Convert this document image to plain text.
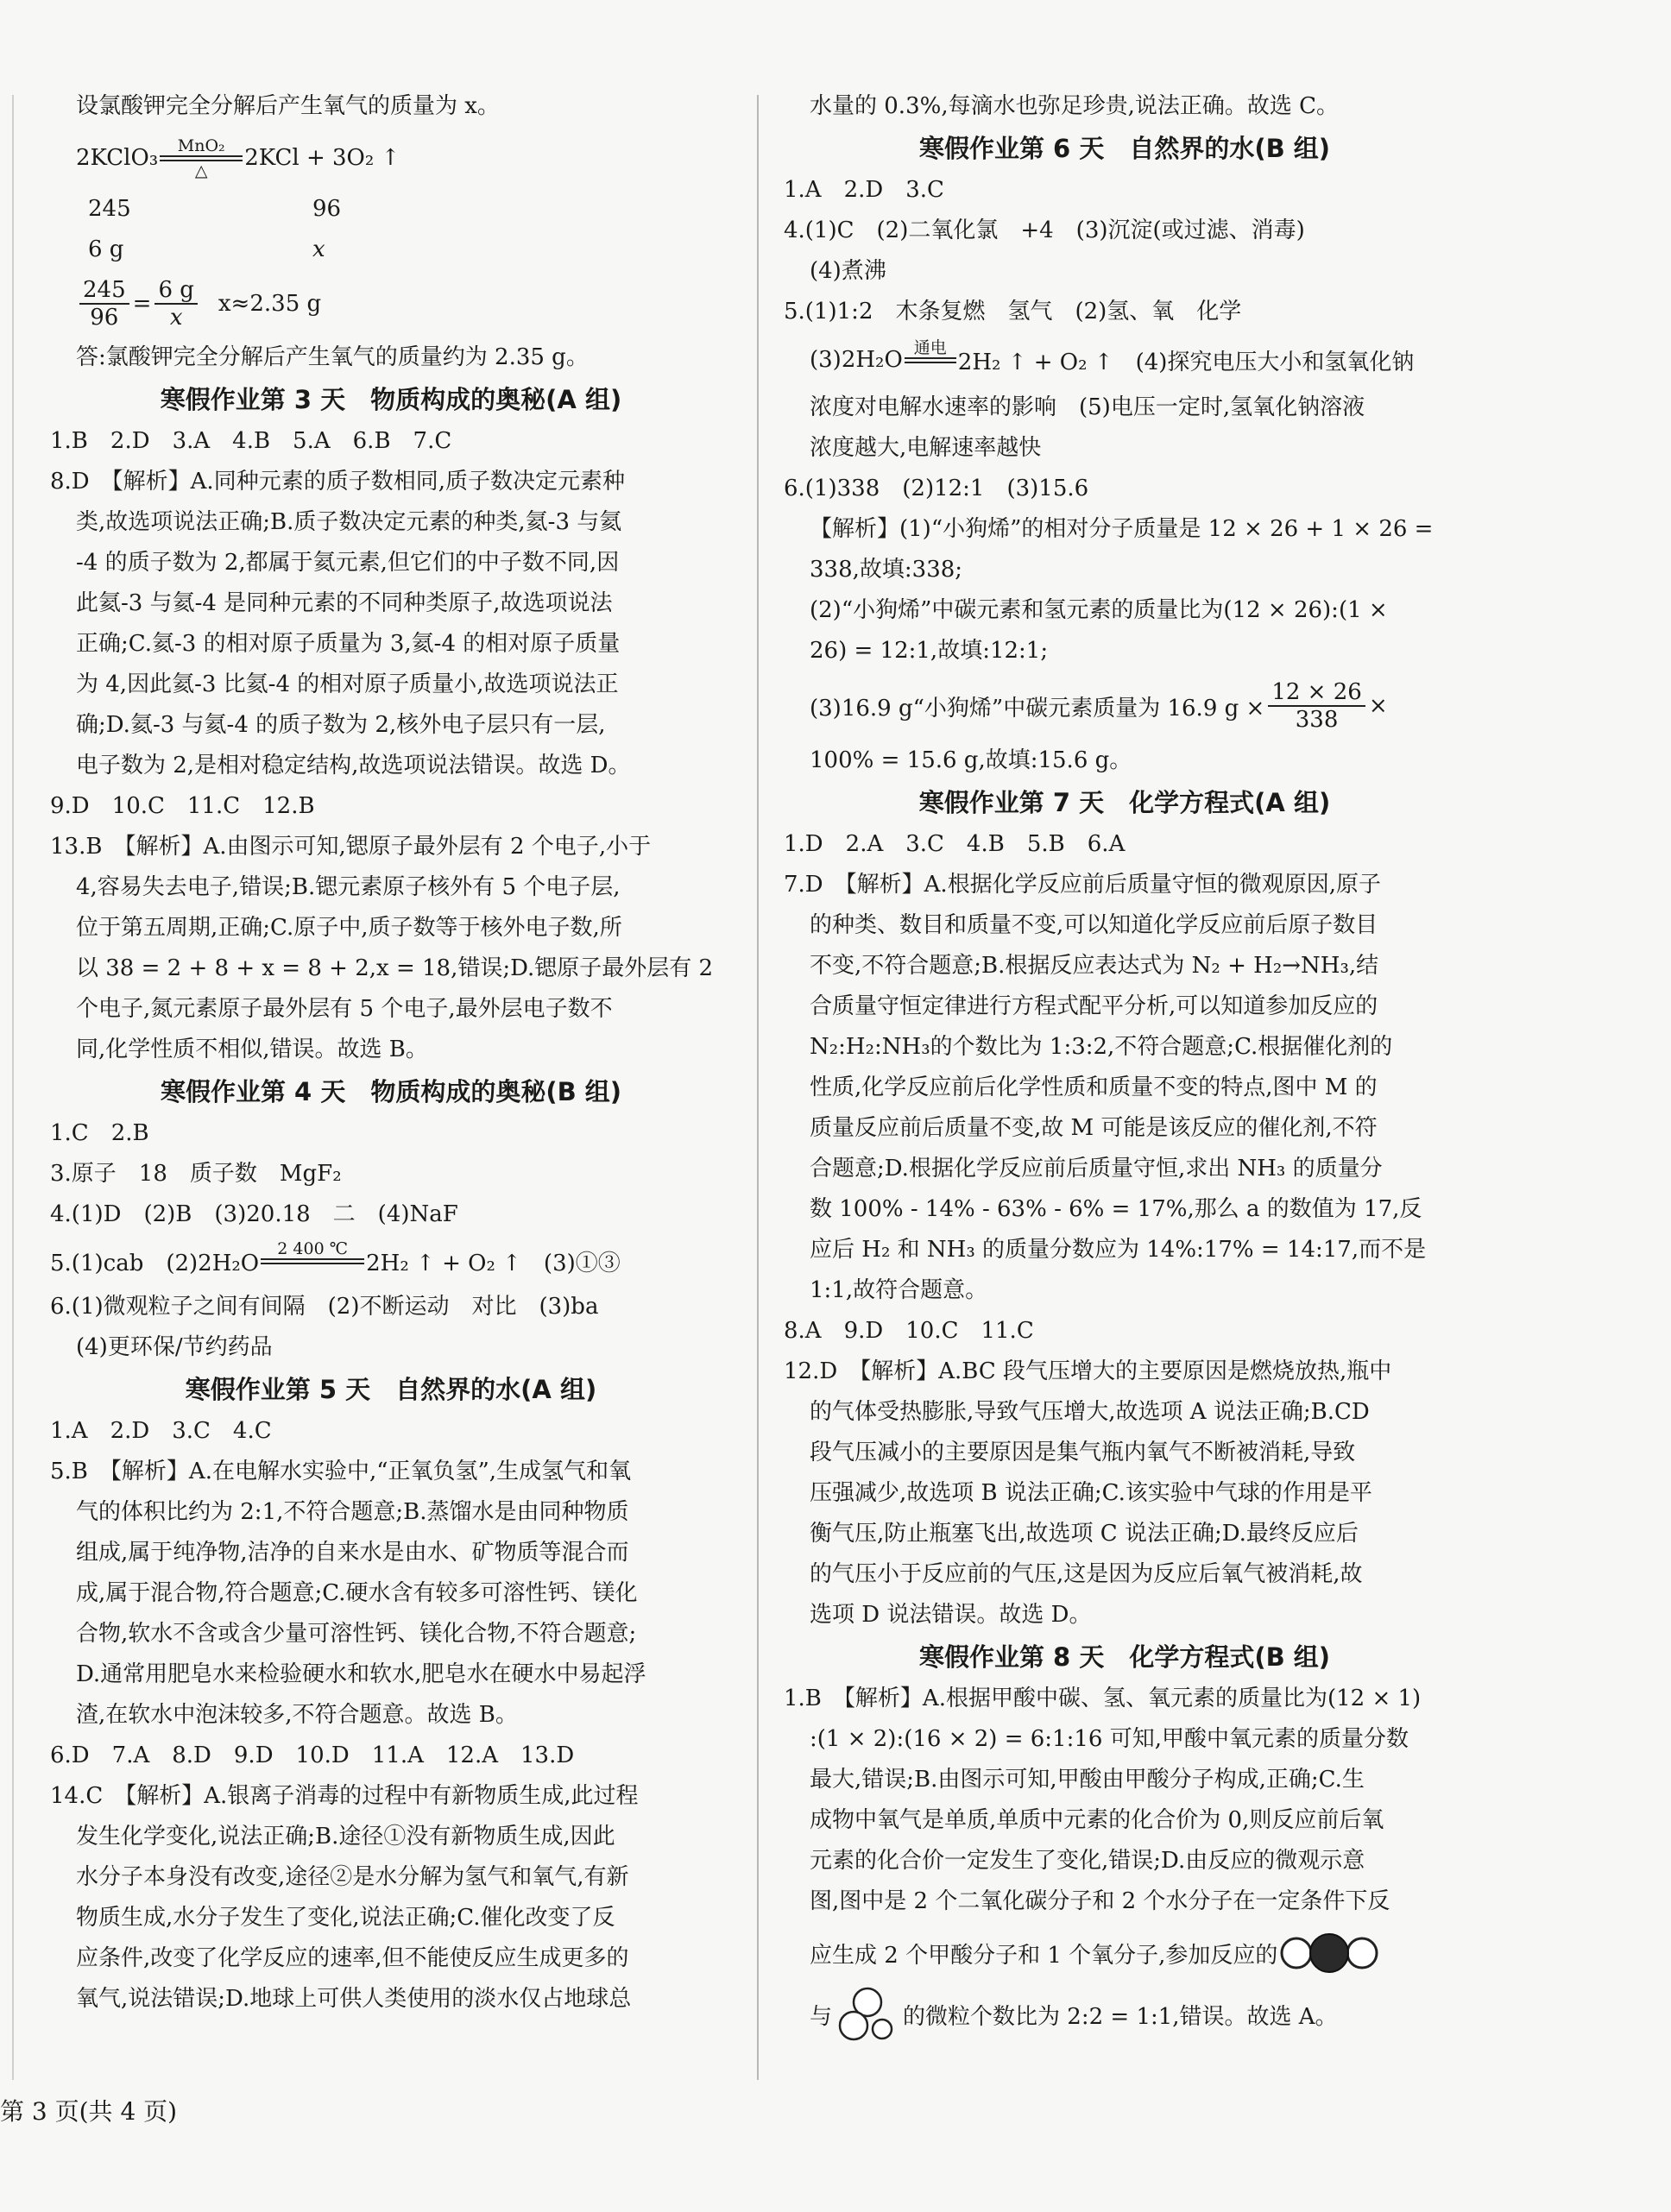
设氯酸钾完全分解后产生氧气的质量为 x。

2KClO₃ MnO₂
△ 2KCl + 3O₂ ↑
245	96
6 g	x
$\frac{245}{96} = \frac{6 g}{x} x\approx 2.35$ g

答:氯酸钾完全分解后产生氧气的质量约为 2.35 g。

寒假作业第 3 天　物质构成的奥秘(A 组)

1.B　2.D　3.A　4.B　5.A　6.B　7.C

8.D　【解析】A.同种元素的质子数相同,质子数决定元素种

类,故选项说法正确;B.质子数决定元素的种类,氦-3 与氦

-4 的质子数为 2,都属于氦元素,但它们的中子数不同,因

此氦-3 与氦-4 是同种元素的不同种类原子,故选项说法

正确;C.氦-3 的相对原子质量为 3,氦-4 的相对原子质量

为 4,因此氦-3 比氦-4 的相对原子质量小,故选项说法正

确;D.氦-3 与氦-4 的质子数为 2,核外电子层只有一层,

电子数为 2,是相对稳定结构,故选项说法错误。故选 D。

9.D　10.C　11.C　12.B

13.B　【解析】A.由图示可知,锶原子最外层有 2 个电子,小于

4,容易失去电子,错误;B.锶元素原子核外有 5 个电子层,

位于第五周期,正确;C.原子中,质子数等于核外电子数,所

以 38 = 2 + 8 + x = 8 + 2,x = 18,错误;D.锶原子最外层有 2

个电子,氮元素原子最外层有 5 个电子,最外层电子数不

同,化学性质不相似,错误。故选 B。

寒假作业第 4 天　物质构成的奥秘(B 组)

1.C　2.B

3.原子　18　质子数　MgF₂

4.(1)D　(2)B　(3)20.18　二　(4)NaF

5.(1)cab　(2)2H₂O
2 400 ℃

2H₂ ↑ + O₂ ↑　(3)①③

6.(1)微观粒子之间有间隔　(2)不断运动　对比　(3)ba

(4)更环保/节约药品

寒假作业第 5 天　自然界的水(A 组)

1.A　2.D　3.C　4.C

5.B　【解析】A.在电解水实验中,“正氧负氢”,生成氢气和氧

气的体积比约为 2:1,不符合题意;B.蒸馏水是由同种物质

组成,属于纯净物,洁净的自来水是由水、矿物质等混合而

成,属于混合物,符合题意;C.硬水含有较多可溶性钙、镁化

合物,软水不含或含少量可溶性钙、镁化合物,不符合题意;

D.通常用肥皂水来检验硬水和软水,肥皂水在硬水中易起浮

渣,在软水中泡沫较多,不符合题意。故选 B。

6.D　7.A　8.D　9.D　10.D　11.A　12.A　13.D

14.C　【解析】A.银离子消毒的过程中有新物质生成,此过程

发生化学变化,说法正确;B.途径①没有新物质生成,因此

水分子本身没有改变,途径②是水分解为氢气和氧气,有新

物质生成,水分子发生了变化,说法正确;C.催化改变了反

应条件,改变了化学反应的速率,但不能使反应生成更多的

氧气,说法错误;D.地球上可供人类使用的淡水仅占地球总

水量的 0.3%,每滴水也弥足珍贵,说法正确。故选 C。

寒假作业第 6 天　自然界的水(B 组)

1.A　2.D　3.C

4.(1)C　(2)二氧化氯　+4　(3)沉淀(或过滤、消毒)

(4)煮沸

5.(1)1:2　木条复燃　氢气　(2)氢、氧　化学

(3)2H₂O 通电

2H₂ ↑ + O₂ ↑　(4)探究电压大小和氢氧化钠

浓度对电解水速率的影响　(5)电压一定时,氢氧化钠溶液

浓度越大,电解速率越快

6.(1)338　(2)12:1　(3)15.6

【解析】(1)“小狗烯”的相对分子质量是 12 × 26 + 1 × 26 =

338,故填:338;

(2)“小狗烯”中碳元素和氢元素的质量比为(12 × 26):(1 ×

26) = 12:1,故填:12:1;

(3)16.9 g“小狗烯”中碳元素质量为 16.9 $g \times \frac{12 \times 26}{338}$ ×

100% = 15.6 g,故填:15.6 g。

寒假作业第 7 天　化学方程式(A 组)

1.D　2.A　3.C　4.B　5.B　6.A

7.D　【解析】A.根据化学反应前后质量守恒的微观原因,原子

的种类、数目和质量不变,可以知道化学反应前后原子数目

不变,不符合题意;B.根据反应表达式为 N₂ + H₂→NH₃,结

合质量守恒定律进行方程式配平分析,可以知道参加反应的

N₂:H₂:NH₃的个数比为 1:3:2,不符合题意;C.根据催化剂的

性质,化学反应前后化学性质和质量不变的特点,图中 M 的

质量反应前后质量不变,故 M 可能是该反应的催化剂,不符

合题意;D.根据化学反应前后质量守恒,求出 NH₃ 的质量分

数 100% - 14% - 63% - 6% = 17%,那么 a 的数值为 17,反

应后 H₂ 和 NH₃ 的质量分数应为 14%:17% = 14:17,而不是

1:1,故符合题意。

8.A　9.D　10.C　11.C

12.D　【解析】A.BC 段气压增大的主要原因是燃烧放热,瓶中

的气体受热膨胀,导致气压增大,故选项 A 说法正确;B.CD

段气压减小的主要原因是集气瓶内氧气不断被消耗,导致

压强减少,故选项 B 说法正确;C.该实验中气球的作用是平

衡气压,防止瓶塞飞出,故选项 C 说法正确;D.最终反应后

的气压小于反应前的气压,这是因为反应后氧气被消耗,故

选项 D 说法错误。故选 D。

寒假作业第 8 天　化学方程式(B 组)

1.B　【解析】A.根据甲酸中碳、氢、氧元素的质量比为(12 × 1)

:(1 × 2):(16 × 2) = 6:1:16 可知,甲酸中氧元素的质量分数

最大,错误;B.由图示可知,甲酸由甲酸分子构成,正确;C.生

成物中氧气是单质,单质中元素的化合价为 0,则反应前后氧

元素的化合价一定发生了变化,错误;D.由反应的微观示意

图,图中是 2 个二氧化碳分子和 2 个水分子在一定条件下反

应生成 2 个甲酸分子和 1 个氧分子,参加反应的
与	的微粒个数比为 2:2 = 1:1,错误。故选 A。
第 3 页(共 4 页)
